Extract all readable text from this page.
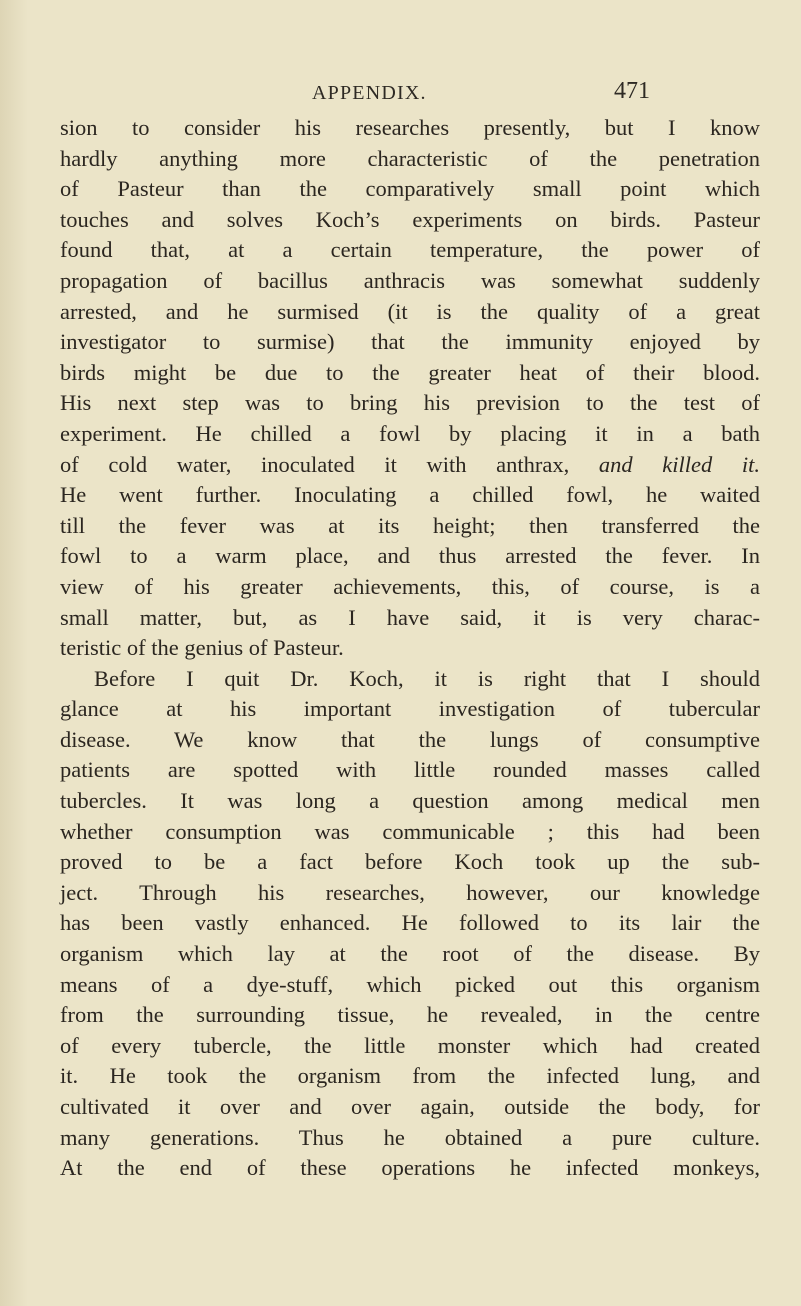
APPENDIX.	471
sion to consider his researches presently, but I know
hardly anything more characteristic of the penetration
of Pasteur than the comparatively small point which
touches and solves Koch’s experiments on birds. Pasteur
found that, at a certain temperature, the power of
propagation of bacillus anthracis was somewhat suddenly
arrested, and he surmised (it is the quality of a great
investigator to surmise) that the immunity enjoyed by
birds might be due to the greater heat of their blood.
His next step was to bring his prevision to the test of
experiment. He chilled a fowl by placing it in a bath
of cold water, inoculated it with anthrax, and killed it.
He went further. Inoculating a chilled fowl, he waited
till the fever was at its height; then transferred the
fowl to a warm place, and thus arrested the fever. In
view of his greater achievements, this, of course, is a
small matter, but, as I have said, it is very charac-
teristic of the genius of Pasteur.
Before I quit Dr. Koch, it is right that I should
glance at his important investigation of tubercular
disease. We know that the lungs of consumptive
patients are spotted with little rounded masses called
tubercles. It was long a question among medical men
whether consumption was communicable ; this had been
proved to be a fact before Koch took up the sub-
ject. Through his researches, however, our knowledge
has been vastly enhanced. He followed to its lair the
organism which lay at the root of the disease. By
means of a dye-stuff, which picked out this organism
from the surrounding tissue, he revealed, in the centre
of every tubercle, the little monster which had created
it. He took the organism from the infected lung, and
cultivated it over and over again, outside the body, for
many generations. Thus he obtained a pure culture.
At the end of these operations he infected monkeys,
